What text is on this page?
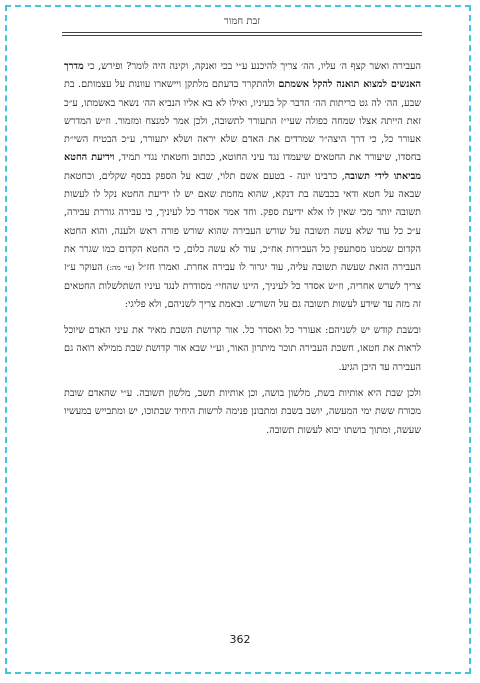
זבת חמור

העבירה ואשר קצף ה׳ עליו, הה׳ צריך להיכנע ע״י בכי ואנקה, וקינה היה לומר? ופירש, כי מדרך האנשים למצוא תואנה להקל אשמתם ולהתקרר בדעתם מלתקן ויישארו עוונות על עצמותם. בת שבע, הה׳ לה גט כריתות הה׳ הדבר קל בעיניו, ואילו לא בא אליו הנביא הה׳ נשאר באשמתו, ע״כ זאת הייתה אצלו שמחה כפולה שעי״ז התעורר לתשובה, ולכן אמר למנצח ומזמור. וז״ש המדרש אעורר כל, כי דרך היצה״ר שמרדים את האדם שלא יראה ושלא יתעורר, ע״כ הבטיח השי״ת בחסדו, שיעורר את החטאים שיעמדו נגד עיני החוטא, ככתוב וחטאתי נגדי תמיד, וידיעת החטא מביאתו לידי תשובה, כרבינו יונה - בטעם אשם תלוי, שבא על הספק בכסף שקלים, וכחטאת שבאה על חטא ודאי בכבשה בת דנקא, שהוא מחמת שאם יש לו ידיעת החטא נקל לו לעשות תשובה יותר מכי שאין לו אלא ידיעת ספק. וחד אמר אסדר כל לעיניך, כי עבירה גוררת עבירה, ע״כ כל עוד שלא עשה תשובה על שורש העבירה שהוא שורש פורה ראש ולענה, והוא החטא הקדום שממנו מסתעפין כל העבירות אח״כ, עוד לא עשה כלום, כי החטא הקדום כמו שגרר את העבירה הזאת שעשה תשובה עליה, עוד יגרור לו עבירה אחרת. ואמרו חז״ל (עי׳ מה:) העוקר ע״ז צריך לשרש אחריה, וז״ש אסדר כל לעיניך, היינו שהחי״ מסודרת לנגד עיניו השתלשלות החטאים זה מזה עד שידע לעשות תשובה גם על השורש. ובאמת צריך לשניהם, ולא פליגי:

ובשבת קודש יש לשניהם: אעורר כל ואסדר כל. אור קדושת השבת מאיר את עיני האדם שיוכל לראות את חטאו, חשכת העבירה תוכר מיתרון האור, וע״י שבא אור קדושת שבת ממילא רואה גם העבירה עד היכן הגיע.

ולכן שבת היא אותיות בשת, מלשון בושה, וכן אותיות תשב, מלשון תשובה. ע״י שהאדם שובת מכורח ששת ימי המעשה, יושב בשבת ומתבונן פנימה לרשות היחיד שבתוכו, יש ומתבייש במעשיו שעשה, ומתוך בושתו יבוא לעשות תשובה.

362
